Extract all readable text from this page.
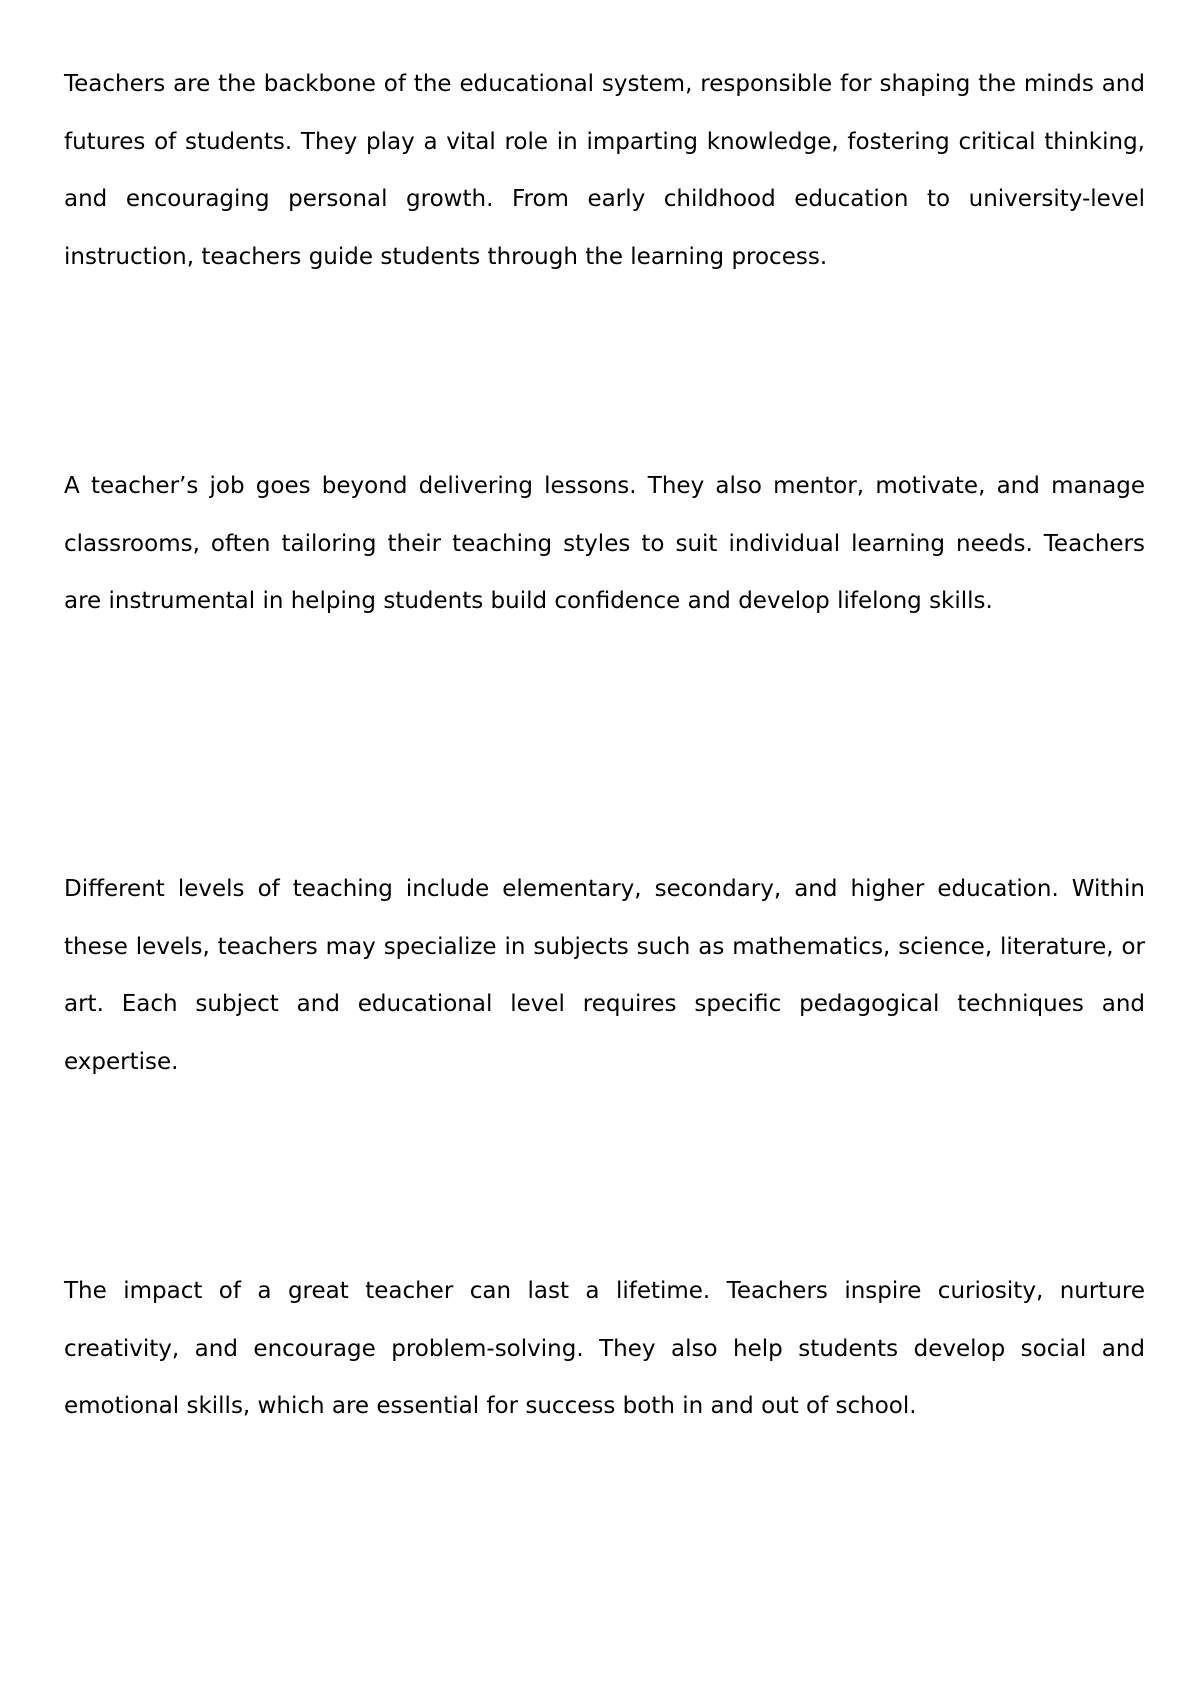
Teachers are the backbone of the educational system, responsible for shaping the minds and futures of students. They play a vital role in imparting knowledge, fostering critical thinking, and encouraging personal growth. From early childhood education to university-level instruction, teachers guide students through the learning process.

A teacher’s job goes beyond delivering lessons. They also mentor, motivate, and manage classrooms, often tailoring their teaching styles to suit individual learning needs. Teachers are instrumental in helping students build confidence and develop lifelong skills.

Different levels of teaching include elementary, secondary, and higher education. Within these levels, teachers may specialize in subjects such as mathematics, science, literature, or art. Each subject and educational level requires specific pedagogical techniques and expertise.

The impact of a great teacher can last a lifetime. Teachers inspire curiosity, nurture creativity, and encourage problem-solving. They also help students develop social and emotional skills, which are essential for success both in and out of school.
